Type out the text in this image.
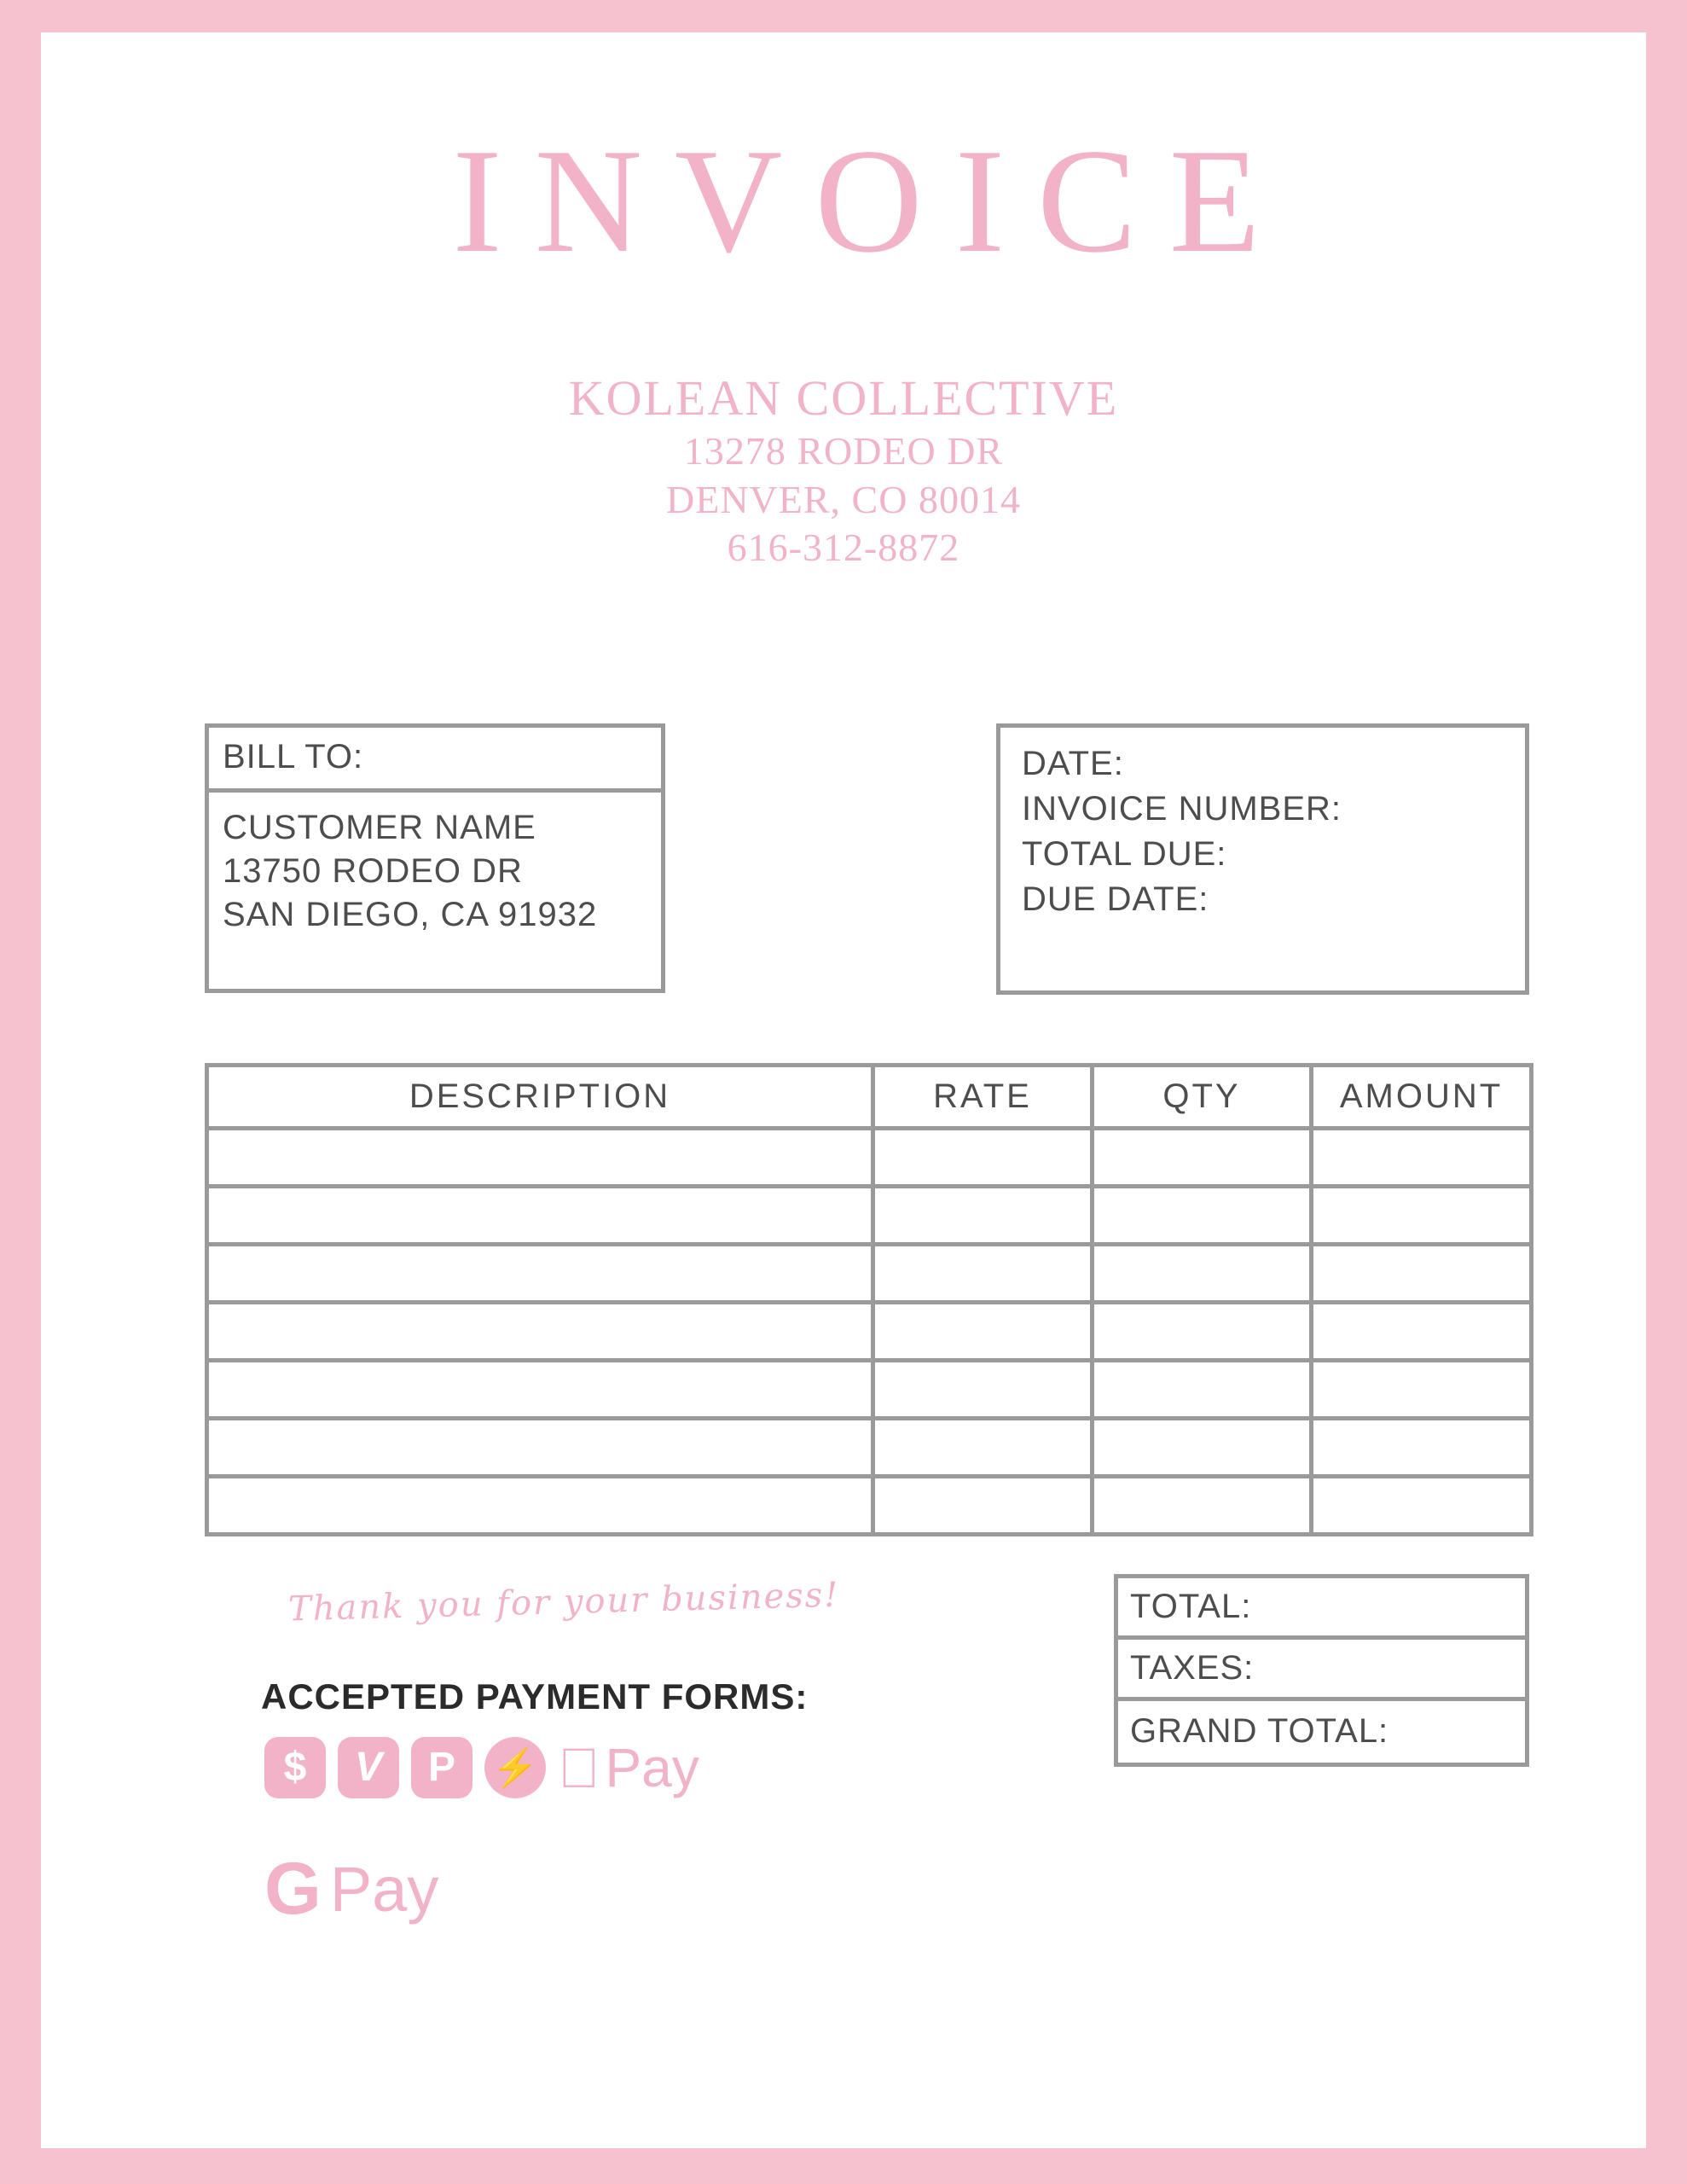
INVOICE
KOLEAN COLLECTIVE
13278 RODEO DR
DENVER, CO 80014
616-312-8872
BILL TO:
CUSTOMER NAME
13750 RODEO DR
SAN DIEGO, CA 91932
DATE:
INVOICE NUMBER:
TOTAL DUE:
DUE DATE:
DESCRIPTION	RATE	QTY	AMOUNT

Thank you for your business!
ACCEPTED PAYMENT FORMS:
$	V	P ⚡ Pay
G Pay
TOTAL:
TAXES:
GRAND TOTAL:
